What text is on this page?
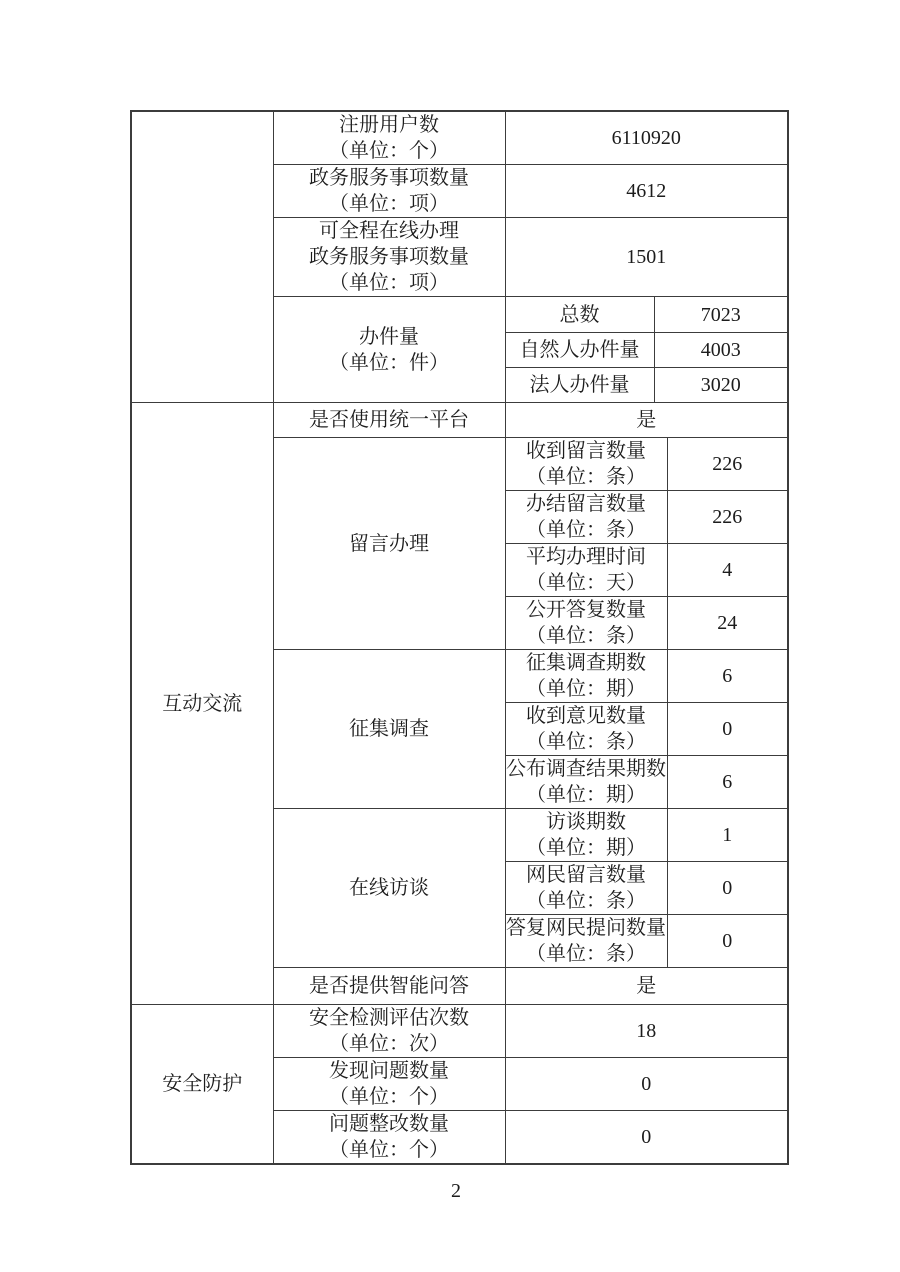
	注册用户数
（单位：个）	6110920		

	政务服务事项数量
（单位：项）	4612		

	可全程在线办理
政务服务事项数量
（单位：项）	1501		

	办件量
（单位：件）	总数	7023	
		自然人办件量	4003	
		法人办件量	3020	
互动交流	是否使用统一平台	是		
	留言办理	收到留言数量
（单位：条）		226

		办结留言数量
（单位：条）		226

		平均办理时间
（单位：天）		4

		公开答复数量
（单位：条）		24
	征集调查	征集调查期数
（单位：期）		6

		收到意见数量
（单位：条）		0

		公布调查结果期数
（单位：期）		6
	在线访谈	访谈期数
（单位：期）		1

		网民留言数量
（单位：条）		0

		答复网民提问数量
（单位：条）		0
	是否提供智能问答	是		
安全防护	安全检测评估次数
（单位：次）	18		

	发现问题数量
（单位：个）	0		

	问题整改数量
（单位：个）	0		
2
